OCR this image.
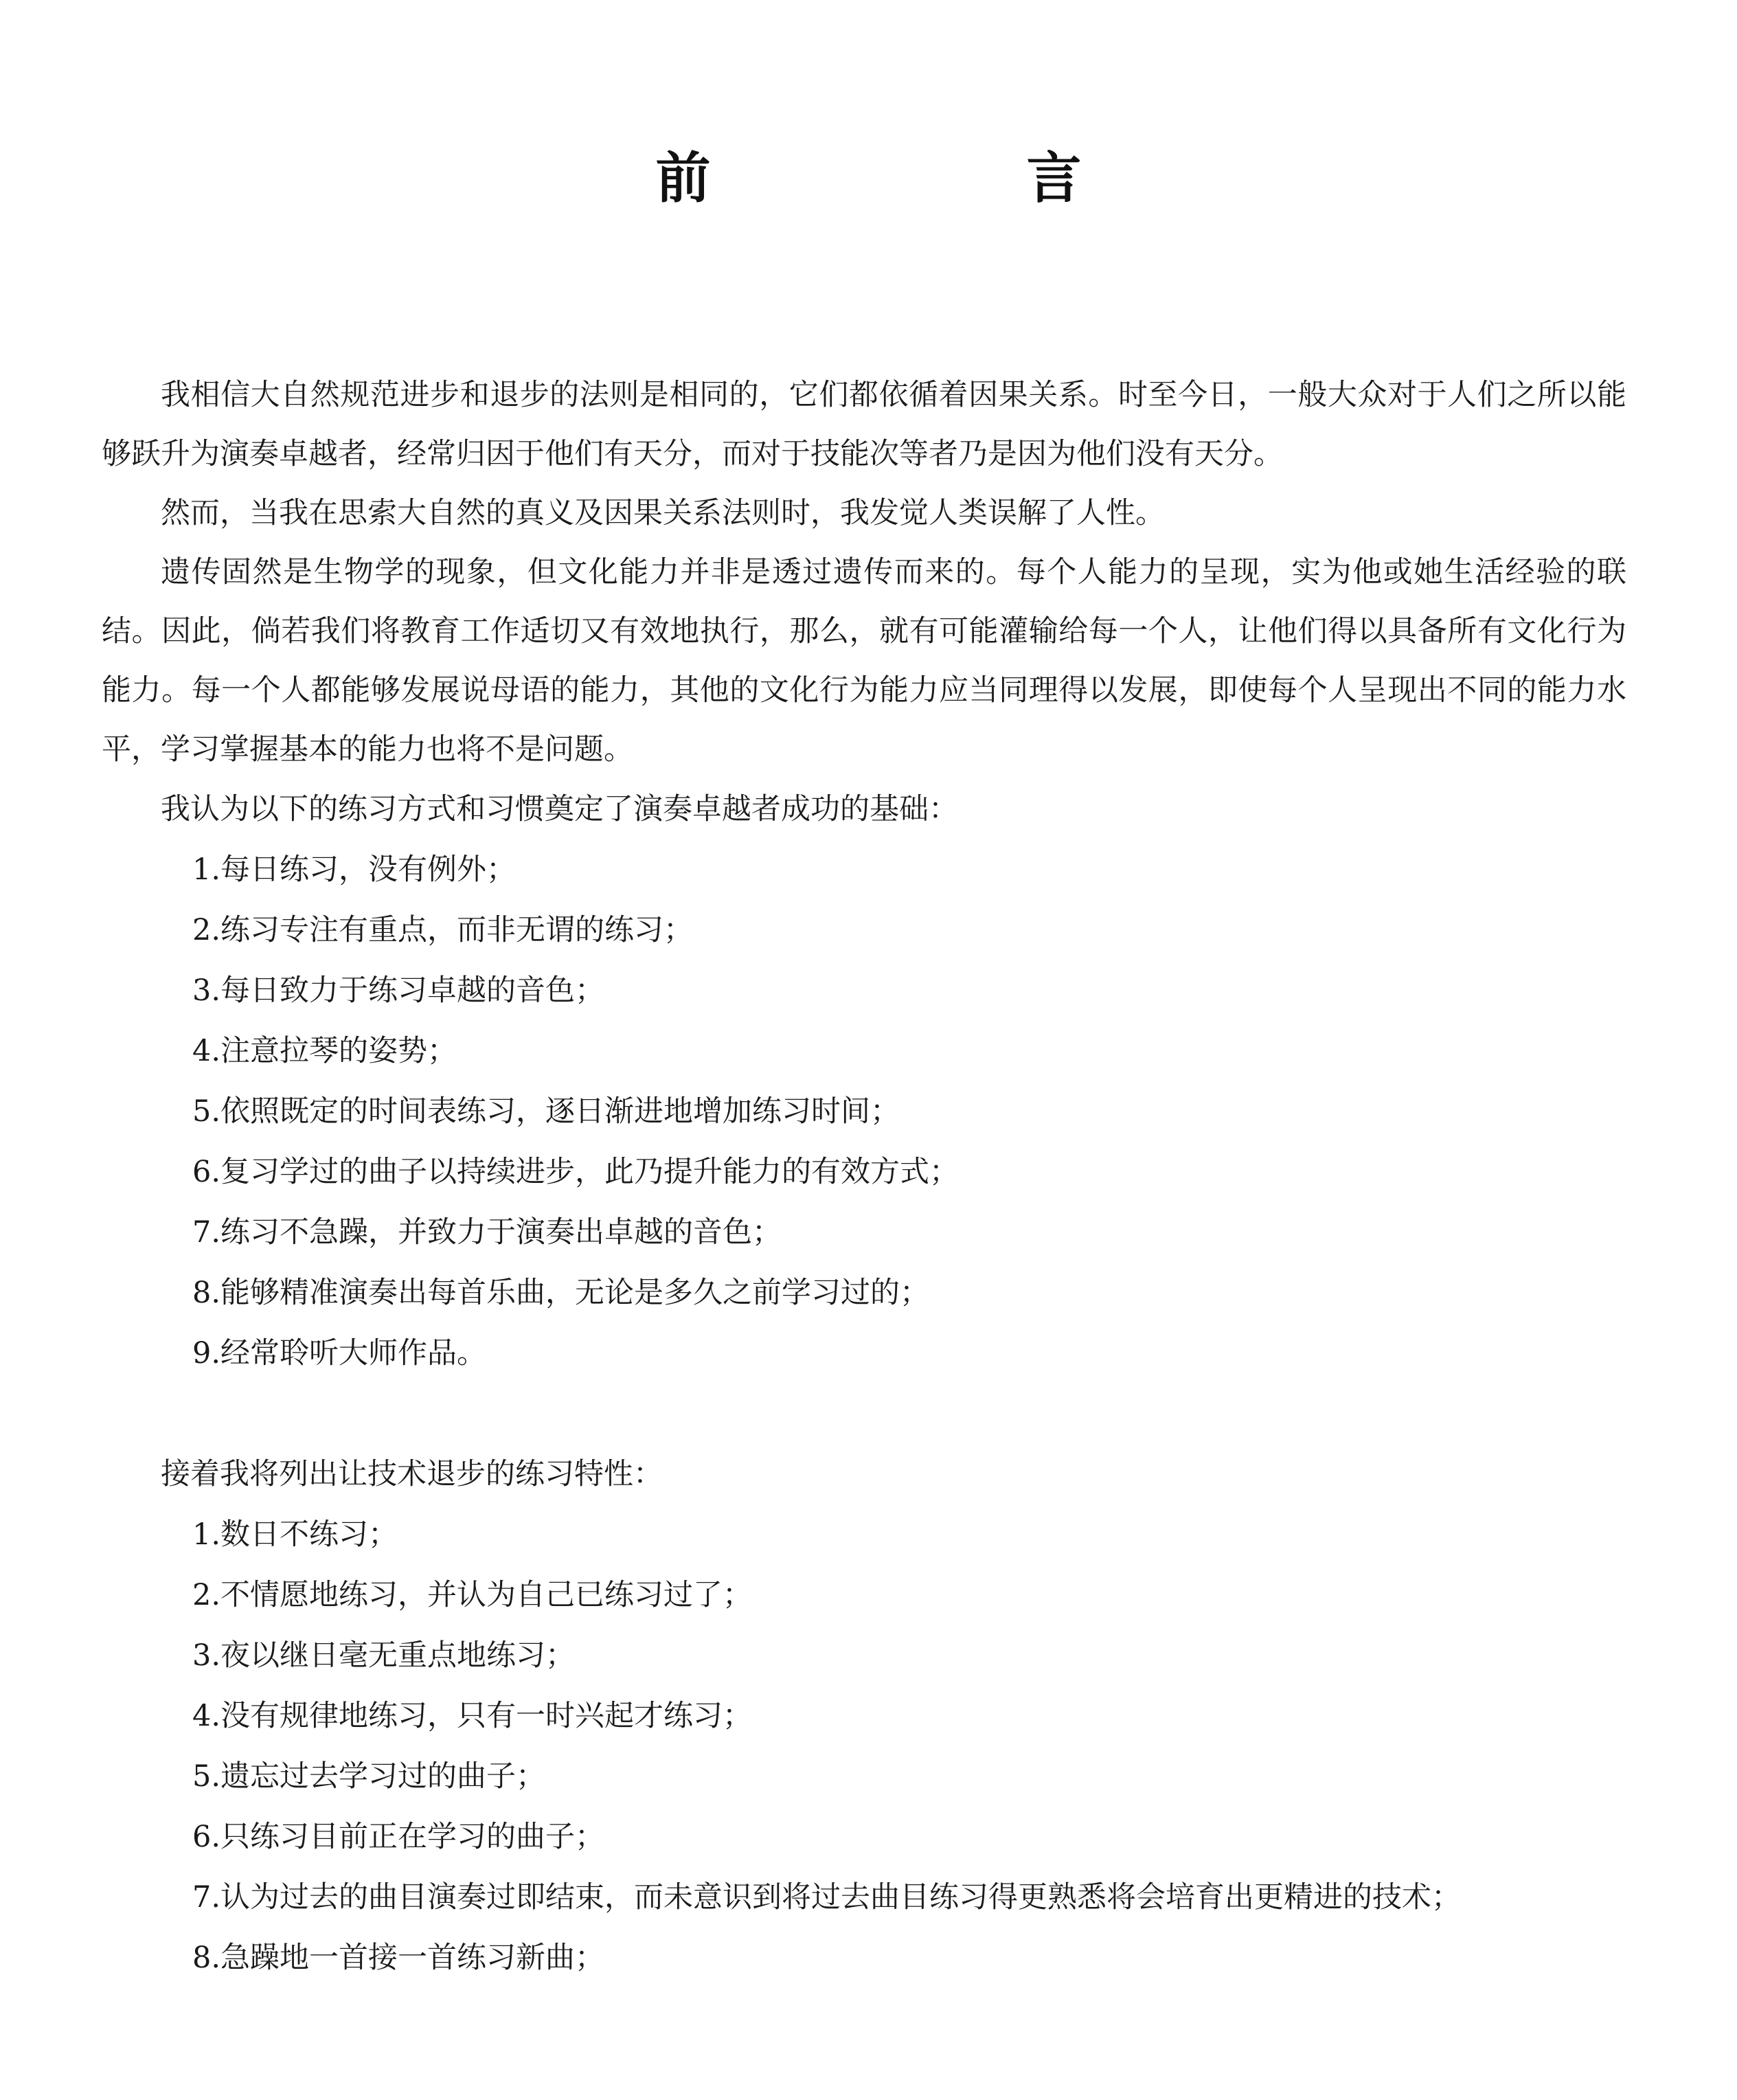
前　言

我相信大自然规范进步和退步的法则是相同的，它们都依循着因果关系。时至今日，一般大众对于人们之所以能够跃升为演奏卓越者，经常归因于他们有天分，而对于技能次等者乃是因为他们没有天分。

然而，当我在思索大自然的真义及因果关系法则时，我发觉人类误解了人性。

遗传固然是生物学的现象，但文化能力并非是透过遗传而来的。每个人能力的呈现，实为他或她生活经验的联结。因此，倘若我们将教育工作适切又有效地执行，那么，就有可能灌输给每一个人，让他们得以具备所有文化行为能力。每一个人都能够发展说母语的能力，其他的文化行为能力应当同理得以发展，即使每个人呈现出不同的能力水平，学习掌握基本的能力也将不是问题。

我认为以下的练习方式和习惯奠定了演奏卓越者成功的基础：

1.每日练习，没有例外；

2.练习专注有重点，而非无谓的练习；

3.每日致力于练习卓越的音色；

4.注意拉琴的姿势；

5.依照既定的时间表练习，逐日渐进地增加练习时间；

6.复习学过的曲子以持续进步，此乃提升能力的有效方式；

7.练习不急躁，并致力于演奏出卓越的音色；

8.能够精准演奏出每首乐曲，无论是多久之前学习过的；

9.经常聆听大师作品。

接着我将列出让技术退步的练习特性：

1.数日不练习；

2.不情愿地练习，并认为自己已练习过了；

3.夜以继日毫无重点地练习；

4.没有规律地练习，只有一时兴起才练习；

5.遗忘过去学习过的曲子；

6.只练习目前正在学习的曲子；

7.认为过去的曲目演奏过即结束，而未意识到将过去曲目练习得更熟悉将会培育出更精进的技术；

8.急躁地一首接一首练习新曲；
